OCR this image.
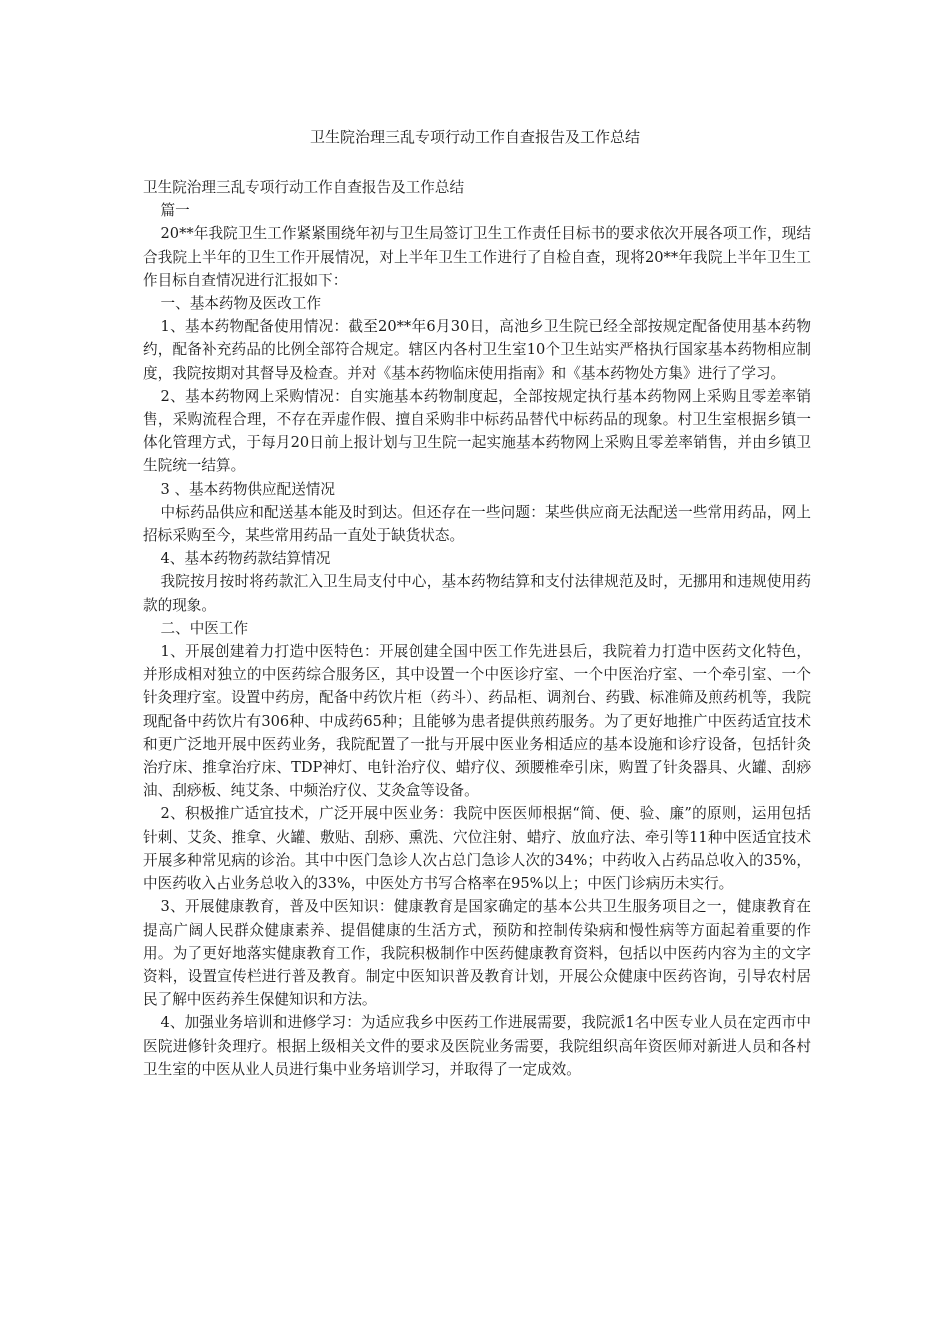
卫生院治理三乱专项行动工作自查报告及工作总结

卫生院治理三乱专项行动工作自查报告及工作总结

篇一

20**年我院卫生工作紧紧围绕年初与卫生局签订卫生工作责任目标书的要求依次开展各项工作，现结合我院上半年的卫生工作开展情况，对上半年卫生工作进行了自检自查，现将20**年我院上半年卫生工作目标自查情况进行汇报如下：

一、基本药物及医改工作

1、基本药物配备使用情况：截至20**年6月30日，高池乡卫生院已经全部按规定配备使用基本药物约，配备补充药品的比例全部符合规定。辖区内各村卫生室10个卫生站实严格执行国家基本药物相应制度，我院按期对其督导及检查。并对《基本药物临床使用指南》和《基本药物处方集》进行了学习。

2、基本药物网上采购情况：自实施基本药物制度起，全部按规定执行基本药物网上采购且零差率销售，采购流程合理，不存在弄虚作假、擅自采购非中标药品替代中标药品的现象。村卫生室根据乡镇一体化管理方式，于每月20日前上报计划与卫生院一起实施基本药物网上采购且零差率销售，并由乡镇卫生院统一结算。

3 、基本药物供应配送情况

中标药品供应和配送基本能及时到达。但还存在一些问题：某些供应商无法配送一些常用药品，网上招标采购至今，某些常用药品一直处于缺货状态。

4、基本药物药款结算情况

我院按月按时将药款汇入卫生局支付中心，基本药物结算和支付法律规范及时，无挪用和违规使用药款的现象。

二、中医工作

1、开展创建着力打造中医特色：开展创建全国中医工作先进县后，我院着力打造中医药文化特色，并形成相对独立的中医药综合服务区，其中设置一个中医诊疗室、一个中医治疗室、一个牵引室、一个针灸理疗室。设置中药房，配备中药饮片柜（药斗）、药品柜、调剂台、药戥、标准筛及煎药机等，我院现配备中药饮片有306种、中成药65种；且能够为患者提供煎药服务。为了更好地推广中医药适宜技术和更广泛地开展中医药业务，我院配置了一批与开展中医业务相适应的基本设施和诊疗设备，包括针灸治疗床、推拿治疗床、TDP神灯、电针治疗仪、蜡疗仪、颈腰椎牵引床，购置了针灸器具、火罐、刮痧油、刮痧板、纯艾条、中频治疗仪、艾灸盒等设备。

2、积极推广适宜技术，广泛开展中医业务：我院中医医师根据“简、便、验、廉”的原则，运用包括针刺、艾灸、推拿、火罐、敷贴、刮痧、熏洗、穴位注射、蜡疗、放血疗法、牵引等11种中医适宜技术开展多种常见病的诊治。其中中医门急诊人次占总门急诊人次的34%；中药收入占药品总收入的35%，中医药收入占业务总收入的33%，中医处方书写合格率在95%以上；中医门诊病历未实行。

3、开展健康教育，普及中医知识：健康教育是国家确定的基本公共卫生服务项目之一，健康教育在提高广阔人民群众健康素养、提倡健康的生活方式，预防和控制传染病和慢性病等方面起着重要的作用。为了更好地落实健康教育工作，我院积极制作中医药健康教育资料，包括以中医药内容为主的文字资料，设置宣传栏进行普及教育。制定中医知识普及教育计划，开展公众健康中医药咨询，引导农村居民了解中医药养生保健知识和方法。

4、加强业务培训和进修学习：为适应我乡中医药工作进展需要，我院派1名中医专业人员在定西市中医院进修针灸理疗。根据上级相关文件的要求及医院业务需要，我院组织高年资医师对新进人员和各村卫生室的中医从业人员进行集中业务培训学习，并取得了一定成效。
